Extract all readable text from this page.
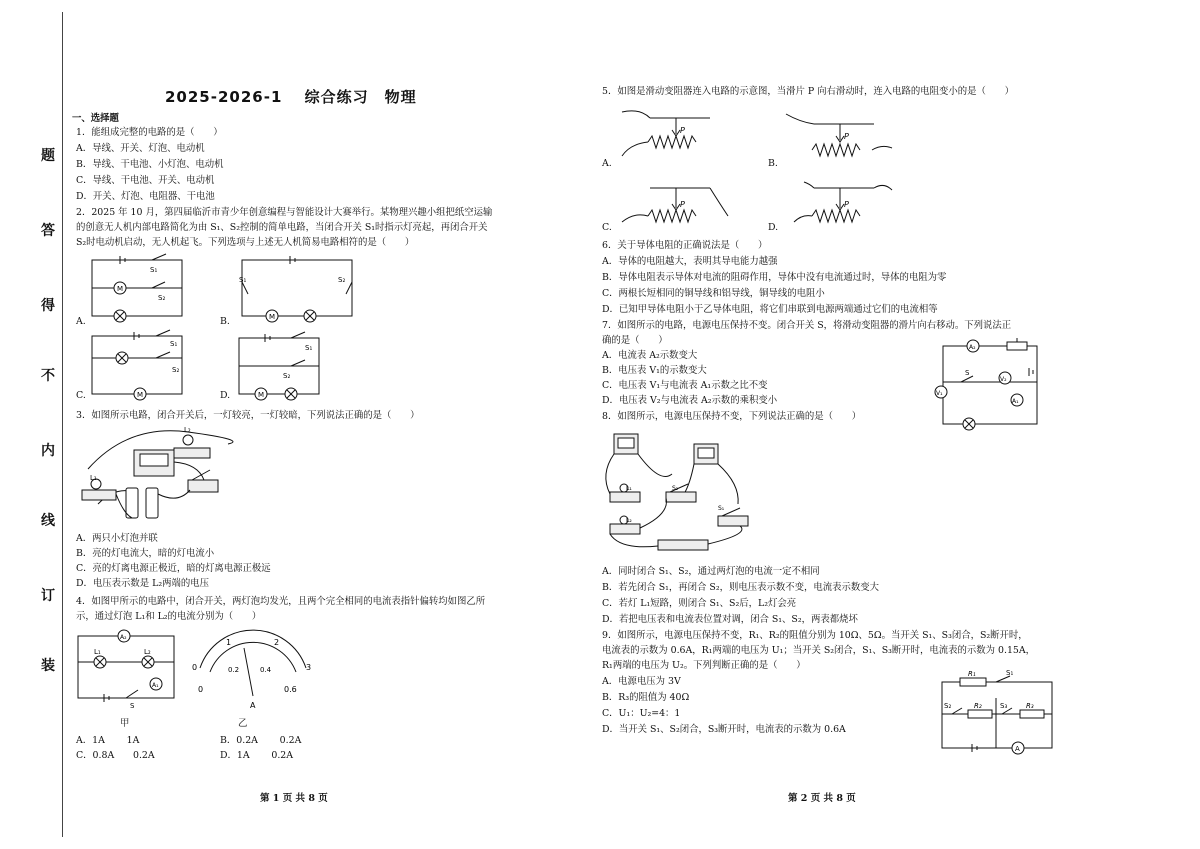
2025-2026-1　 综合练习　物理
一、选择题
1．能组成完整的电路的是（　　）
A．导线、开关、灯泡、电动机
B．导线、干电池、小灯泡、电动机
C．导线、干电池、开关、电动机
D．开关、灯泡、电阻器、干电池
2．2025 年 10 月，第四届临沂市青少年创意编程与智能设计大赛举行。某物理兴趣小组把纸空运输
的创意无人机内部电路简化为由 S₁、S₂控制的简单电路，当闭合开关 S₁时指示灯亮起，再闭合开关
S₂时电动机启动，无人机起飞。下列选项与上述无人机简易电路相符的是（　　）
M
S₁
S₂
A.	M
S₁	S₂
B.
M
S₁
S₂
C.	M
S₁
S₂
D.
3．如图所示电路，闭合开关后，一灯较亮，一灯较暗，下列说法正确的是（　　）
L₂
L₁
A．两只小灯泡并联
B．亮的灯电流大，暗的灯电流小
C．亮的灯离电源正极近，暗的灯离电源正极远
D．电压表示数是 L₂两端的电压
4．如图甲所示的电路中，闭合开关，两灯泡均发光，且两个完全相同的电流表指针偏转均如图乙所
示，通过灯泡 L₁和 L₂的电流分别为（　　）
A₂
A₁
L₁	L₂
S
甲
0
1	2
3
0
0.2	0.4
0.6
A
乙
A．1A　　 1A	B．0.2A　　 0.2A
C．0.8A　　0.2A	D．1A　　 0.2A
第 1 页 共 8 页
5．如图是滑动变阻器连入电路的示意图，当滑片 P 向右滑动时，连入电路的电阻变小的是（　　）
P
A.
P
B.
P
C.
P
D.
6．关于导体电阻的正确说法是（　　）
A．导体的电阻越大，表明其导电能力越强
B．导体电阻表示导体对电流的阻碍作用，导体中没有电流通过时，导体的电阻为零
C．两根长短相同的铜导线和铝导线，铜导线的电阻小
D．已知甲导体电阻小于乙导体电阻，将它们串联到电源两端通过它们的电流相等
7．如图所示的电路，电源电压保持不变。闭合开关 S，将滑动变阻器的滑片向右移动。下列说法正
确的是（　　）
A．电流表 A₂示数变大
B．电压表 V₁的示数变大
C．电压表 V₁与电流表 A₁示数之比不变
D．电压表 V₂与电流表 A₂示数的乘积变小
A₂
V₁
V₂
A₁
S
8．如图所示，电源电压保持不变，下列说法正确的是（　　）
L₁
L₂
S₂
S₁
A．同时闭合 S₁、S₂，通过两灯泡的电流一定不相同
B．若先闭合 S₁，再闭合 S₂，则电压表示数不变，电流表示数变大
C．若灯 L₁短路，则闭合 S₁、S₂后，L₂灯会亮
D．若把电压表和电流表位置对调，闭合 S₁、S₂，两表都烧坏
9．如图所示，电源电压保持不变，R₁、R₂的阻值分别为 10Ω、5Ω。当开关 S₁、S₃闭合，S₂断开时，
电流表的示数为 0.6A，R₁两端的电压为 U₁；当开关 S₂闭合，S₁、S₃断开时，电流表的示数为 0.15A，
R₁两端的电压为 U₂。下列判断正确的是（　　）
A．电源电压为 3V
B．R₃的阻值为 40Ω
C．U₁：U₂=4：1
D．当开关 S₁、S₂闭合，S₃断开时，电流表的示数为 0.6A
R₁	S₁
S₂	R₂	S₃	R₃
A
第 2 页 共 8 页
题
答
得
不
内
线
订
装
